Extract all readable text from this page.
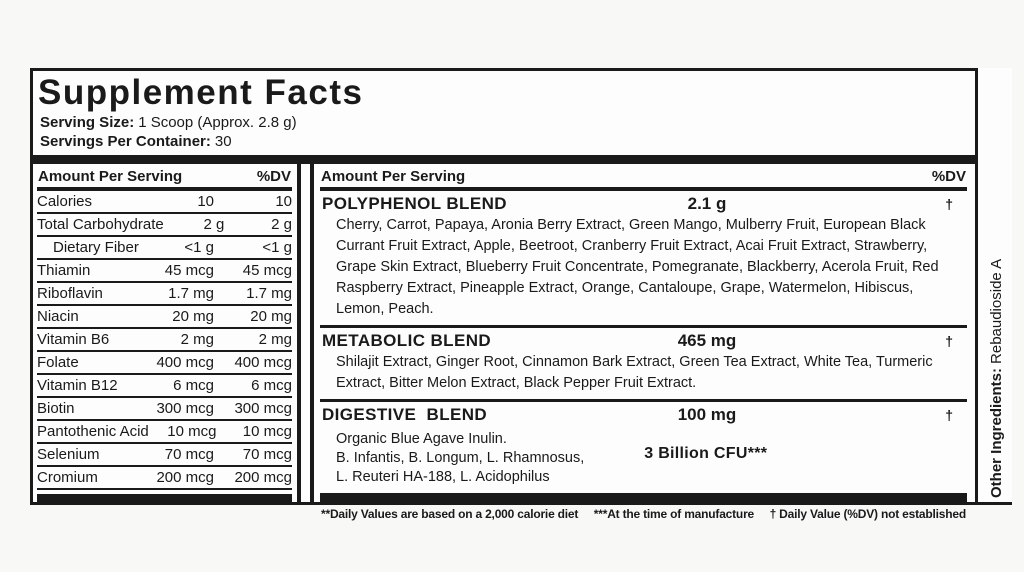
Supplement Facts
Serving Size: 1 Scoop (Approx. 2.8 g)
Servings Per Container: 30
Amount Per Serving	%DV
Calories	10	10
Total Carbohydrate	2 g	2 g
Dietary Fiber	<1 g	<1 g
Thiamin	45 mcg	45 mcg
Riboflavin	1.7 mg	1.7 mg
Niacin	20 mg	20 mg
Vitamin B6	2 mg	2 mg
Folate	400 mcg	400 mcg
Vitamin B12	6 mcg	6 mcg
Biotin	300 mcg	300 mcg
Pantothenic Acid	10 mcg	10 mcg
Selenium	70 mcg	70 mcg
Cromium	200 mcg	200 mcg
Amount Per Serving	%DV
POLYPHENOL BLEND	2.1 g	†
Cherry, Carrot, Papaya, Aronia Berry Extract, Green Mango, Mulberry Fruit, European Black Currant Fruit Extract, Apple, Beetroot, Cranberry Fruit Extract, Acai Fruit Extract, Strawberry, Grape Skin Extract, Blueberry Fruit Concentrate, Pomegranate, Blackberry, Acerola Fruit, Red Raspberry Extract, Pineapple Extract, Orange, Cantaloupe, Grape, Watermelon, Hibiscus, Lemon, Peach.
METABOLIC BLEND	465 mg	†
Shilajit Extract, Ginger Root, Cinnamon Bark Extract, Green Tea Extract, White Tea, Turmeric Extract, Bitter Melon Extract, Black Pepper Fruit Extract.
DIGESTIVE  BLEND	100 mg	†
Organic Blue Agave Inulin.
B. Infantis, B. Longum, L. Rhamnosus,
L. Reuteri HA-188, L. Acidophilus
3 Billion CFU***
**Daily Values are based on a 2,000 calorie diet ***At the time of manufacture † Daily Value (%DV) not established
Other Ingredients:Rebaudioside A
